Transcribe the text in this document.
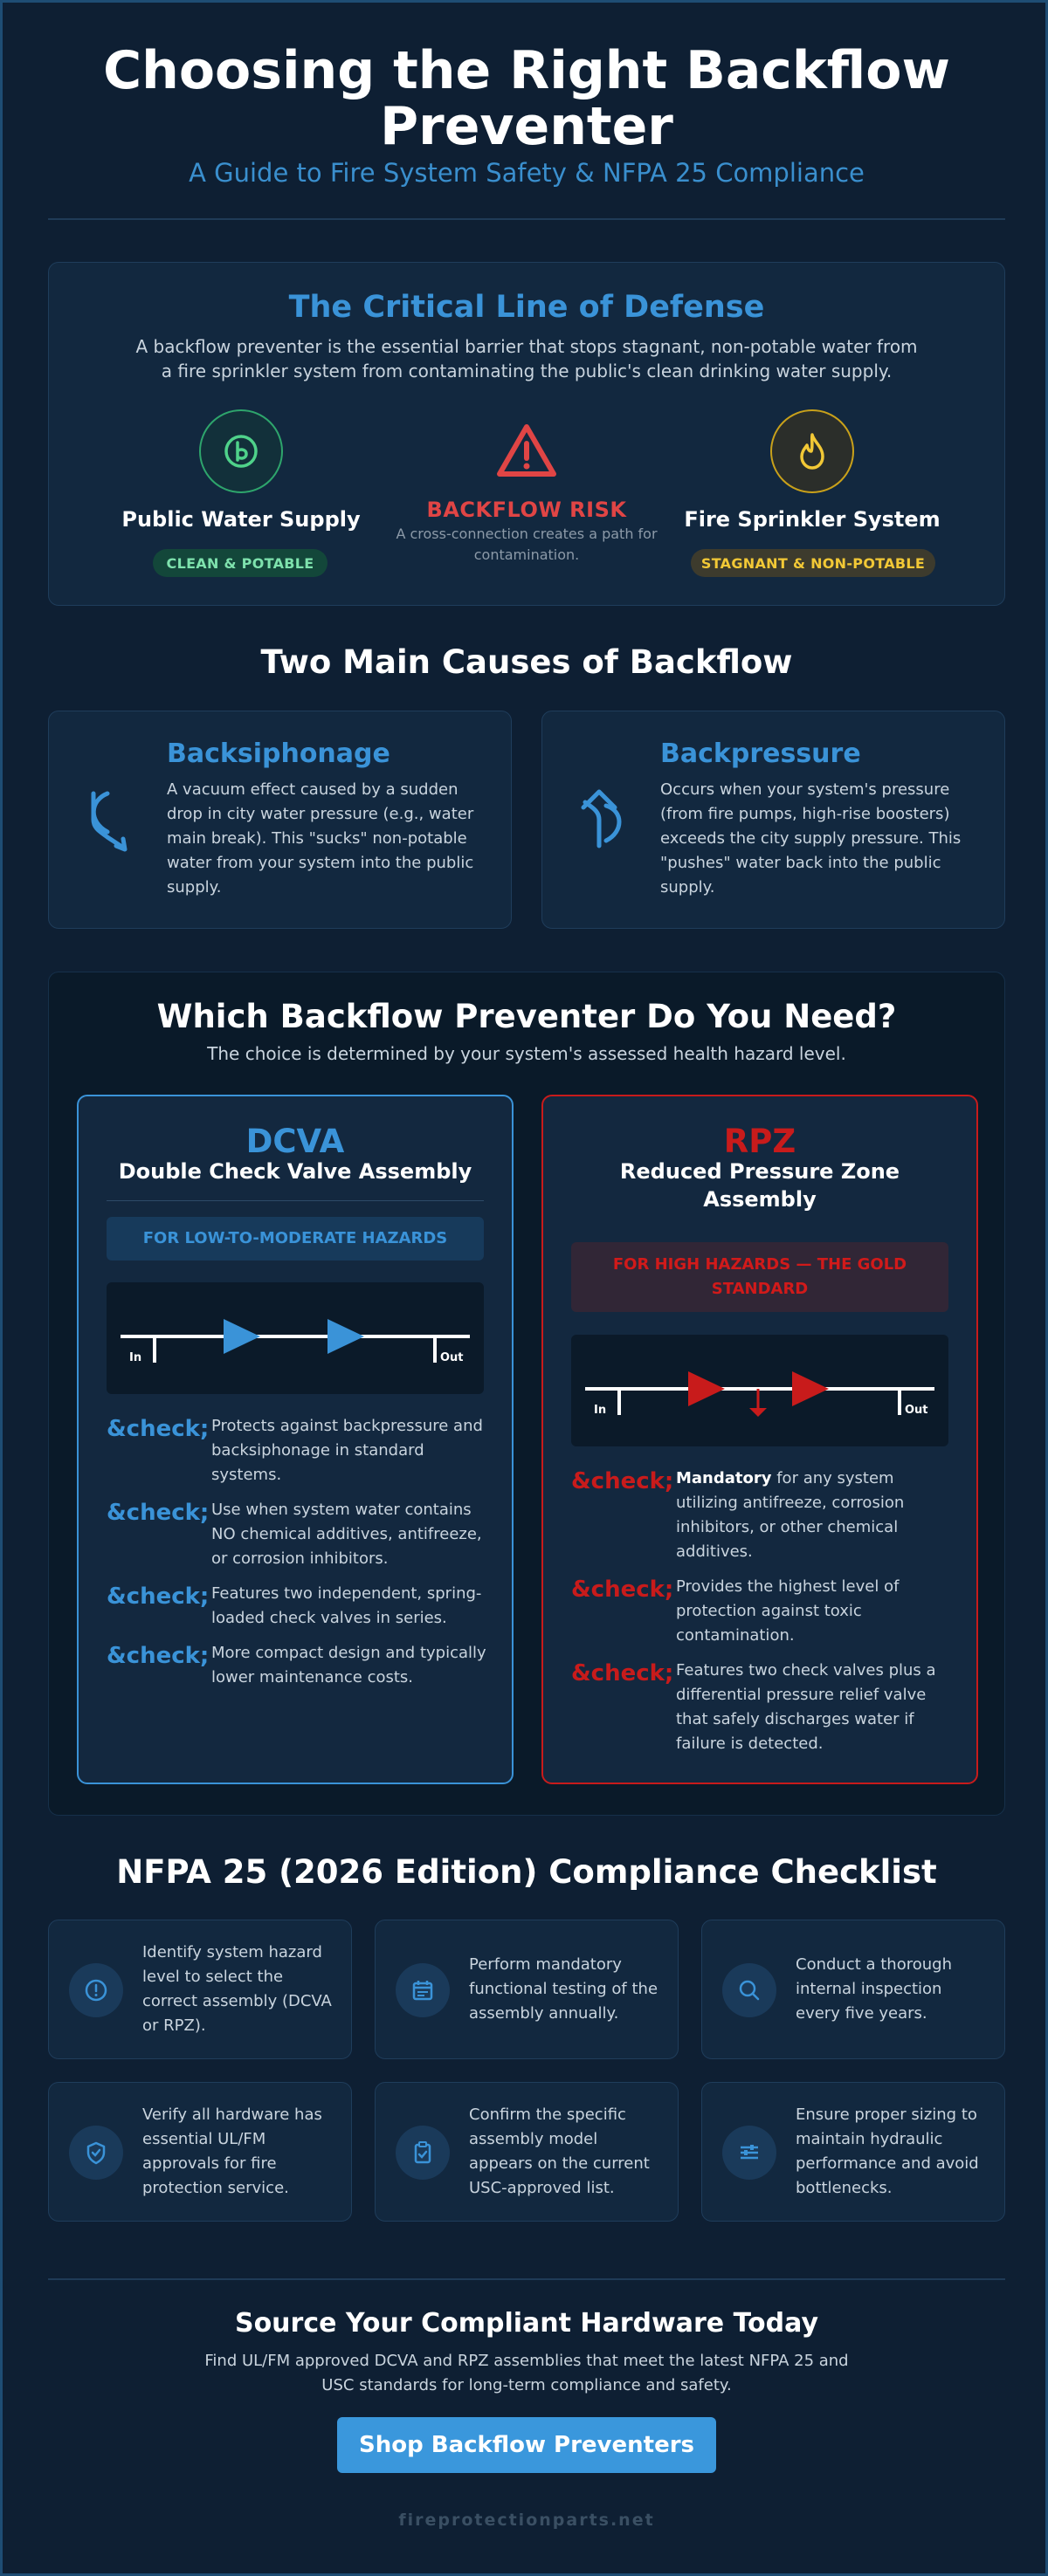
Choosing the Right Backflow Preventer
A Guide to Fire System Safety & NFPA 25 Compliance
The Critical Line of Defense
A backflow preventer is the essential barrier that stops stagnant, non-potable water from a fire sprinkler system from contaminating the public's clean drinking water supply.
Public Water Supply
CLEAN & POTABLE
BACKFLOW RISK
A cross-connection creates a path for contamination.
Fire Sprinkler System
STAGNANT & NON-POTABLE
Two Main Causes of Backflow
Backsiphonage
A vacuum effect caused by a sudden drop in city water pressure (e.g., water main break). This "sucks" non-potable water from your system into the public supply.
Backpressure
Occurs when your system's pressure (from fire pumps, high-rise boosters) exceeds the city supply pressure. This "pushes" water back into the public supply.
Which Backflow Preventer Do You Need?
The choice is determined by your system's assessed health hazard level.
DCVA
Double Check Valve Assembly
FOR LOW-TO-MODERATE HAZARDS
In	Out
&check; Protects against backpressure and backsiphonage in standard systems.
&check; Use when system water contains NO chemical additives, antifreeze, or corrosion inhibitors.
&check; Features two independent, spring-loaded check valves in series.
&check; More compact design and typically lower maintenance costs.
RPZ
Reduced Pressure Zone Assembly
FOR HIGH HAZARDS — THE GOLD STANDARD
In	Out
&check; Mandatory for any system utilizing antifreeze, corrosion inhibitors, or other chemical additives.
&check; Provides the highest level of protection against toxic contamination.
&check; Features two check valves plus a differential pressure relief valve that safely discharges water if failure is detected.
NFPA 25 (2026 Edition) Compliance Checklist
Identify system hazard level to select the correct assembly (DCVA or RPZ).
Perform mandatory functional testing of the assembly annually.
Conduct a thorough internal inspection every five years.
Verify all hardware has essential UL/FM approvals for fire protection service.
Confirm the specific assembly model appears on the current USC-approved list.
Ensure proper sizing to maintain hydraulic performance and avoid bottlenecks.
Source Your Compliant Hardware Today
Find UL/FM approved DCVA and RPZ assemblies that meet the latest NFPA 25 and USC standards for long-term compliance and safety.
Shop Backflow Preventers
fireprotectionparts.net
